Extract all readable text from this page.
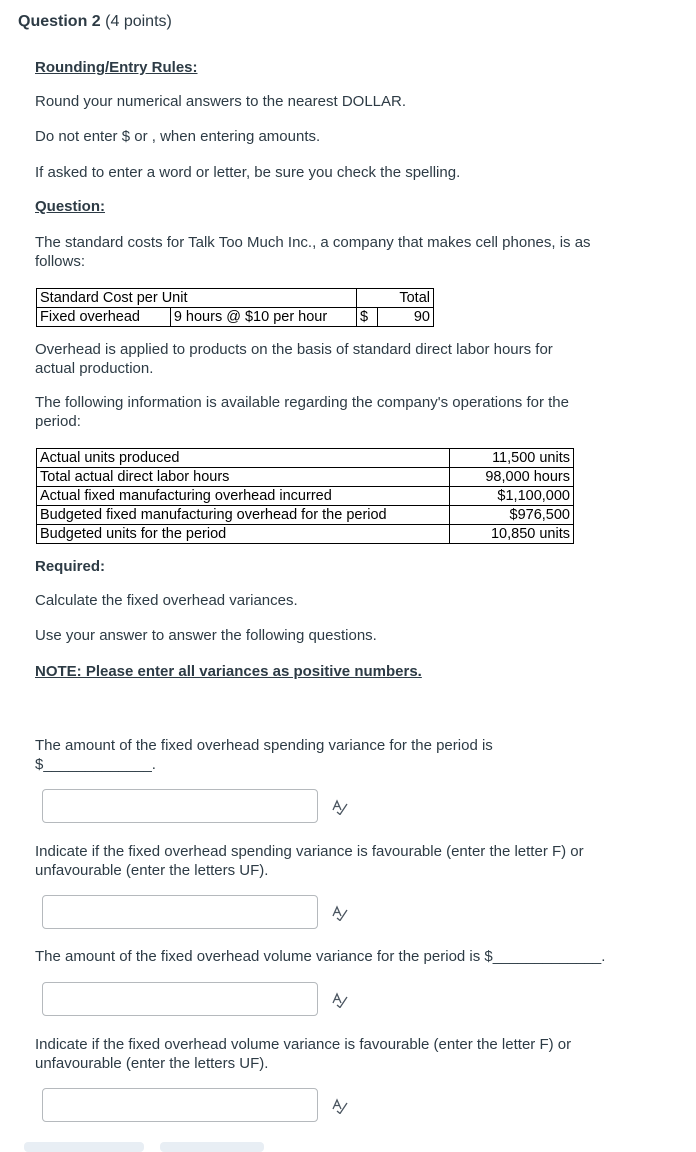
Question 2 (4 points)
Rounding/Entry Rules:
Round your numerical answers to the nearest DOLLAR.
Do not enter $ or , when entering amounts.
If asked to enter a word or letter, be sure you check the spelling.
Question:
The standard costs for Talk Too Much Inc., a company that makes cell phones, is as
follows:
Standard Cost per Unit		Total	
Fixed overhead	9 hours @ $10 per hour	$	90
Overhead is applied to products on the basis of standard direct labor hours for
actual production.
The following information is available regarding the company's operations for the
period:
Actual units produced	11,500 units
Total actual direct labor hours	98,000 hours
Actual fixed manufacturing overhead incurred	$1,100,000
Budgeted fixed manufacturing overhead for the period	$976,500
Budgeted units for the period	10,850 units
Required:
Calculate the fixed overhead variances.
Use your answer to answer the following questions.
NOTE: Please enter all variances as positive numbers.
The amount of the fixed overhead spending variance for the period is
$_____________.
Indicate if the fixed overhead spending variance is favourable (enter the letter F) or
unfavourable (enter the letters UF).
The amount of the fixed overhead volume variance for the period is $_____________.
Indicate if the fixed overhead volume variance is favourable (enter the letter F) or
unfavourable (enter the letters UF).
